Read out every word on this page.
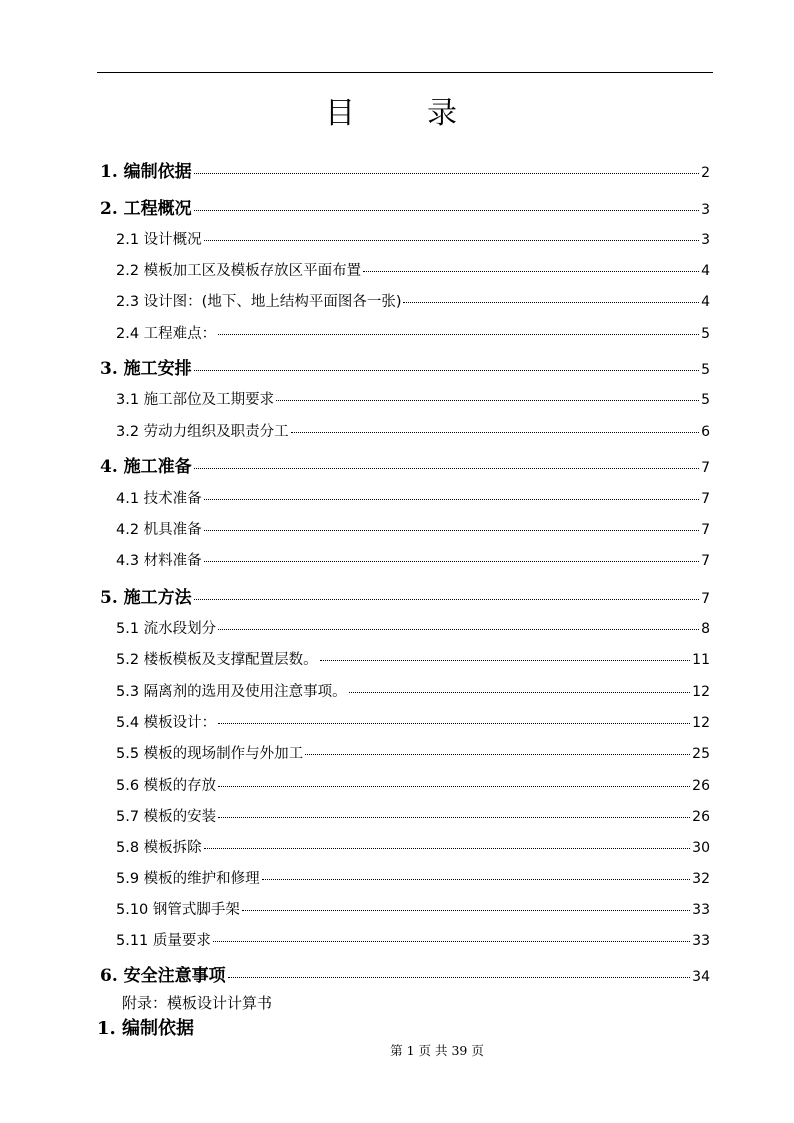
目录
1. 编制依据	2
2. 工程概况	3
2.1 设计概况	3
2.2 模板加工区及模板存放区平面布置	4
2.3 设计图：(地下、地上结构平面图各一张)	4
2.4 工程难点：	5
3. 施工安排	5
3.1 施工部位及工期要求	5
3.2 劳动力组织及职责分工	6
4. 施工准备	7
4.1 技术准备	7
4.2 机具准备	7
4.3 材料准备	7
5. 施工方法	7
5.1 流水段划分	8
5.2 楼板模板及支撑配置层数。	11
5.3 隔离剂的选用及使用注意事项。	12
5.4 模板设计：	12
5.5 模板的现场制作与外加工	25
5.6 模板的存放	26
5.7 模板的安装	26
5.8 模板拆除	30
5.9 模板的维护和修理	32
5.10 钢管式脚手架	33
5.11 质量要求	33
6. 安全注意事项	34
附录：模板设计计算书
1. 编制依据
第 1 页 共 39 页
